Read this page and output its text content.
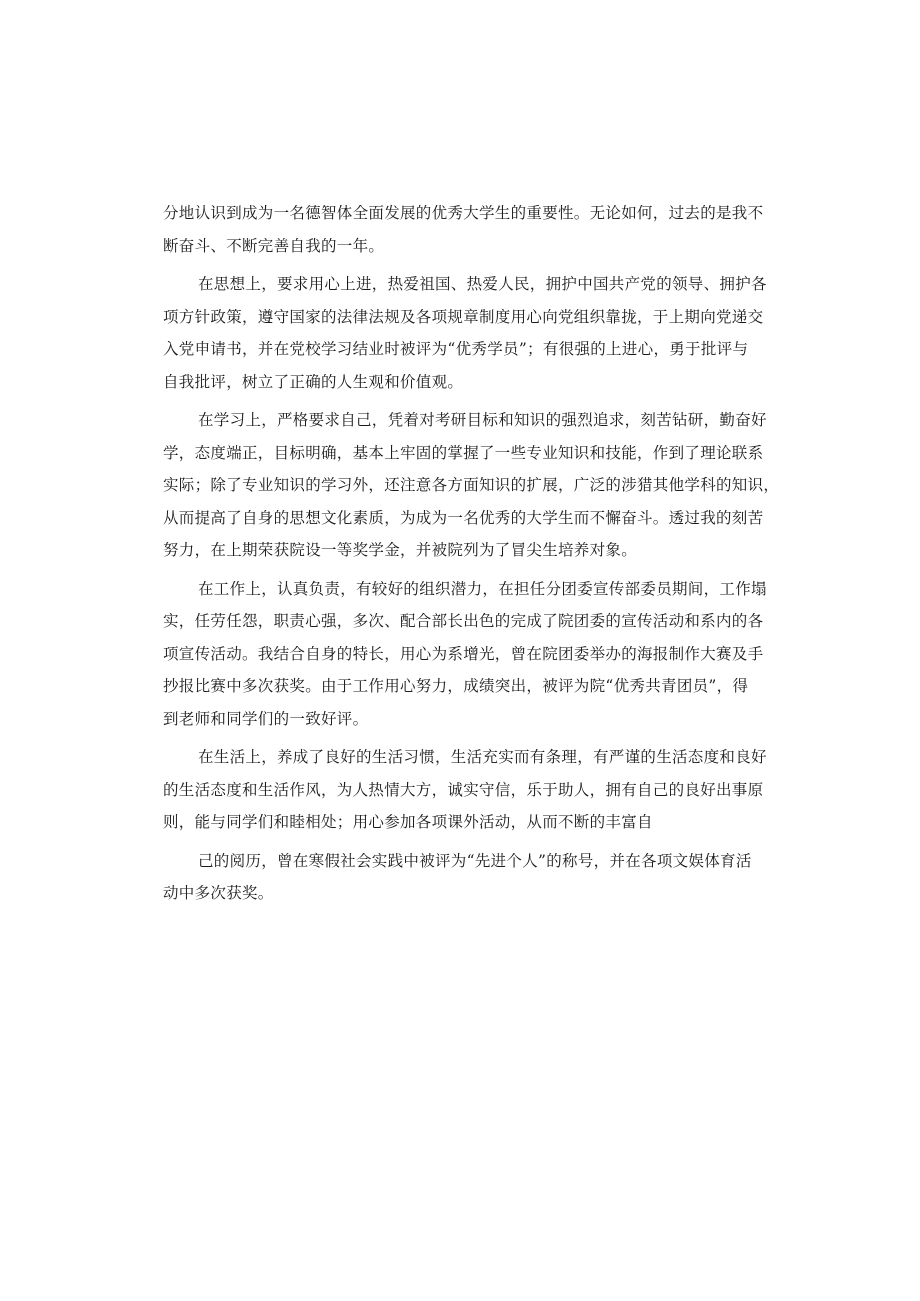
分地认识到成为一名德智体全面发展的优秀大学生的重要性。无论如何，过去的是我不
断奋斗、不断完善自我的一年。
在思想上，要求用心上进，热爱祖国、热爱人民，拥护中国共产党的领导、拥护各
项方针政策，遵守国家的法律法规及各项规章制度用心向党组织靠拢，于上期向党递交
入党申请书，并在党校学习结业时被评为“优秀学员”；有很强的上进心，勇于批评与
自我批评，树立了正确的人生观和价值观。
在学习上，严格要求自己，凭着对考研目标和知识的强烈追求，刻苦钻研，勤奋好
学，态度端正，目标明确，基本上牢固的掌握了一些专业知识和技能，作到了理论联系
实际；除了专业知识的学习外，还注意各方面知识的扩展，广泛的涉猎其他学科的知识，
从而提高了自身的思想文化素质，为成为一名优秀的大学生而不懈奋斗。透过我的刻苦
努力，在上期荣获院设一等奖学金，并被院列为了冒尖生培养对象。
在工作上，认真负责，有较好的组织潜力，在担任分团委宣传部委员期间，工作塌
实，任劳任怨，职责心强，多次、配合部长出色的完成了院团委的宣传活动和系内的各
项宣传活动。我结合自身的特长，用心为系增光，曾在院团委举办的海报制作大赛及手
抄报比赛中多次获奖。由于工作用心努力，成绩突出，被评为院“优秀共青团员”，得
到老师和同学们的一致好评。
在生活上，养成了良好的生活习惯，生活充实而有条理，有严谨的生活态度和良好
的生活态度和生活作风，为人热情大方，诚实守信，乐于助人，拥有自己的良好出事原
则，能与同学们和睦相处；用心参加各项课外活动，从而不断的丰富自
己的阅历，曾在寒假社会实践中被评为“先进个人”的称号，并在各项文娱体育活
动中多次获奖。
